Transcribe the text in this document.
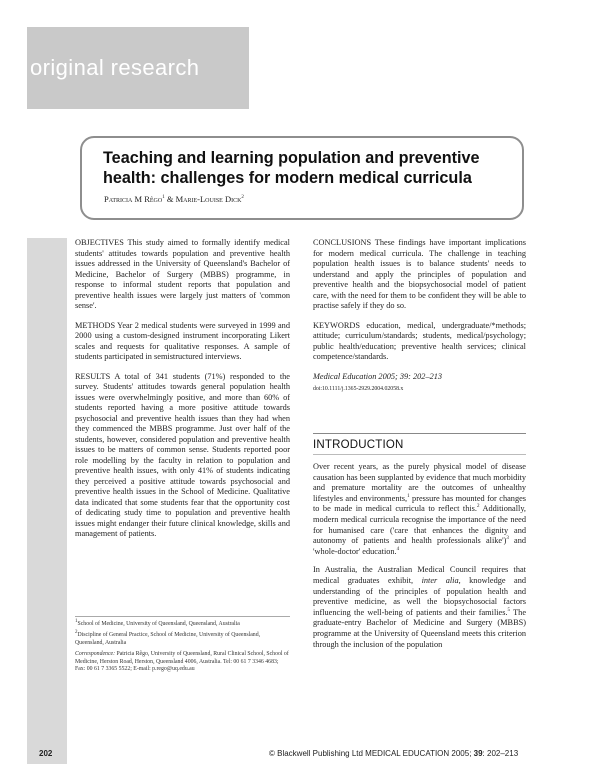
original research
Teaching and learning population and preventive health: challenges for modern medical curricula
Patricia M Rêgo$^1$ & Marie-Louise Dick$^2$

OBJECTIVES This study aimed to formally identify medical students' attitudes towards population and preventive health issues addressed in the University of Queensland's Bachelor of Medicine, Bachelor of Surgery (MBBS) programme, in response to informal student reports that population and preventive health issues were largely just matters of 'common sense'.

METHODS Year 2 medical students were surveyed in 1999 and 2000 using a custom-designed instrument incorporating Likert scales and requests for qualitative responses. A sample of students participated in semistructured interviews.

RESULTS A total of 341 students (71%) responded to the survey. Students' attitudes towards general population health issues were overwhelmingly positive, and more than 60% of students reported having a more positive attitude towards psychosocial and preventive health issues than they had when they commenced the MBBS programme. Just over half of the students, however, considered population and preventive health issues to be matters of common sense. Students reported poor role modelling by the faculty in relation to population and preventive health issues, with only 41% of students indicating they perceived a positive attitude towards psychosocial and preventive health issues in the School of Medicine. Qualitative data indicated that some students fear that the opportunity cost of dedicating study time to population and preventive health issues might endanger their future clinical knowledge, skills and management of patients.

CONCLUSIONS These findings have important implications for modern medical curricula. The challenge in teaching population health issues is to balance students' needs to understand and apply the principles of population and preventive health and the biopsychosocial model of patient care, with the need for them to be confident they will be able to practise safely if they do so.

KEYWORDS education, medical, undergraduate/*methods; attitude; curriculum/standards; students, medical/psychology; public health/education; preventive health services; clinical competence/standards.

Medical Education 2005; 39: 202–213
doi:10.1111/j.1365-2929.2004.02058.x
INTRODUCTION

Over recent years, as the purely physical model of disease causation has been supplanted by evidence that much morbidity and premature mortality are the outcomes of unhealthy lifestyles and environments,$^1$ pressure has mounted for changes to be made in medical curricula to reflect this.$^2$ Additionally, modern medical curricula recognise the importance of the need for humanised care ('care that enhances the dignity and autonomy of patients and health professionals alike')$^3$ and 'whole-doctor' education.$^4$

In Australia, the Australian Medical Council requires that medical graduates exhibit, inter alia, knowledge and understanding of the principles of population health and preventive medicine, as well the biopsychosocial factors influencing the well-being of patients and their families.$^5$ The graduate-entry Bachelor of Medicine and Surgery (MBBS) programme at the University of Queensland meets this criterion through the inclusion of the population

$^1$School of Medicine, University of Queensland, Queensland, Australia

$^2$Discipline of General Practice, School of Medicine, University of Queensland, Queensland, Australia

Correspondence: Patricia Rêgo, University of Queensland, Rural Clinical School, School of Medicine, Herston Road, Herston, Queensland 4006, Australia. Tel: 00 61 7 3346 4683; Fax: 00 61 7 3365 5522; E-mail: p.rego@uq.edu.au

202	© Blackwell Publishing Ltd MEDICAL EDUCATION 2005; 39: 202–213
